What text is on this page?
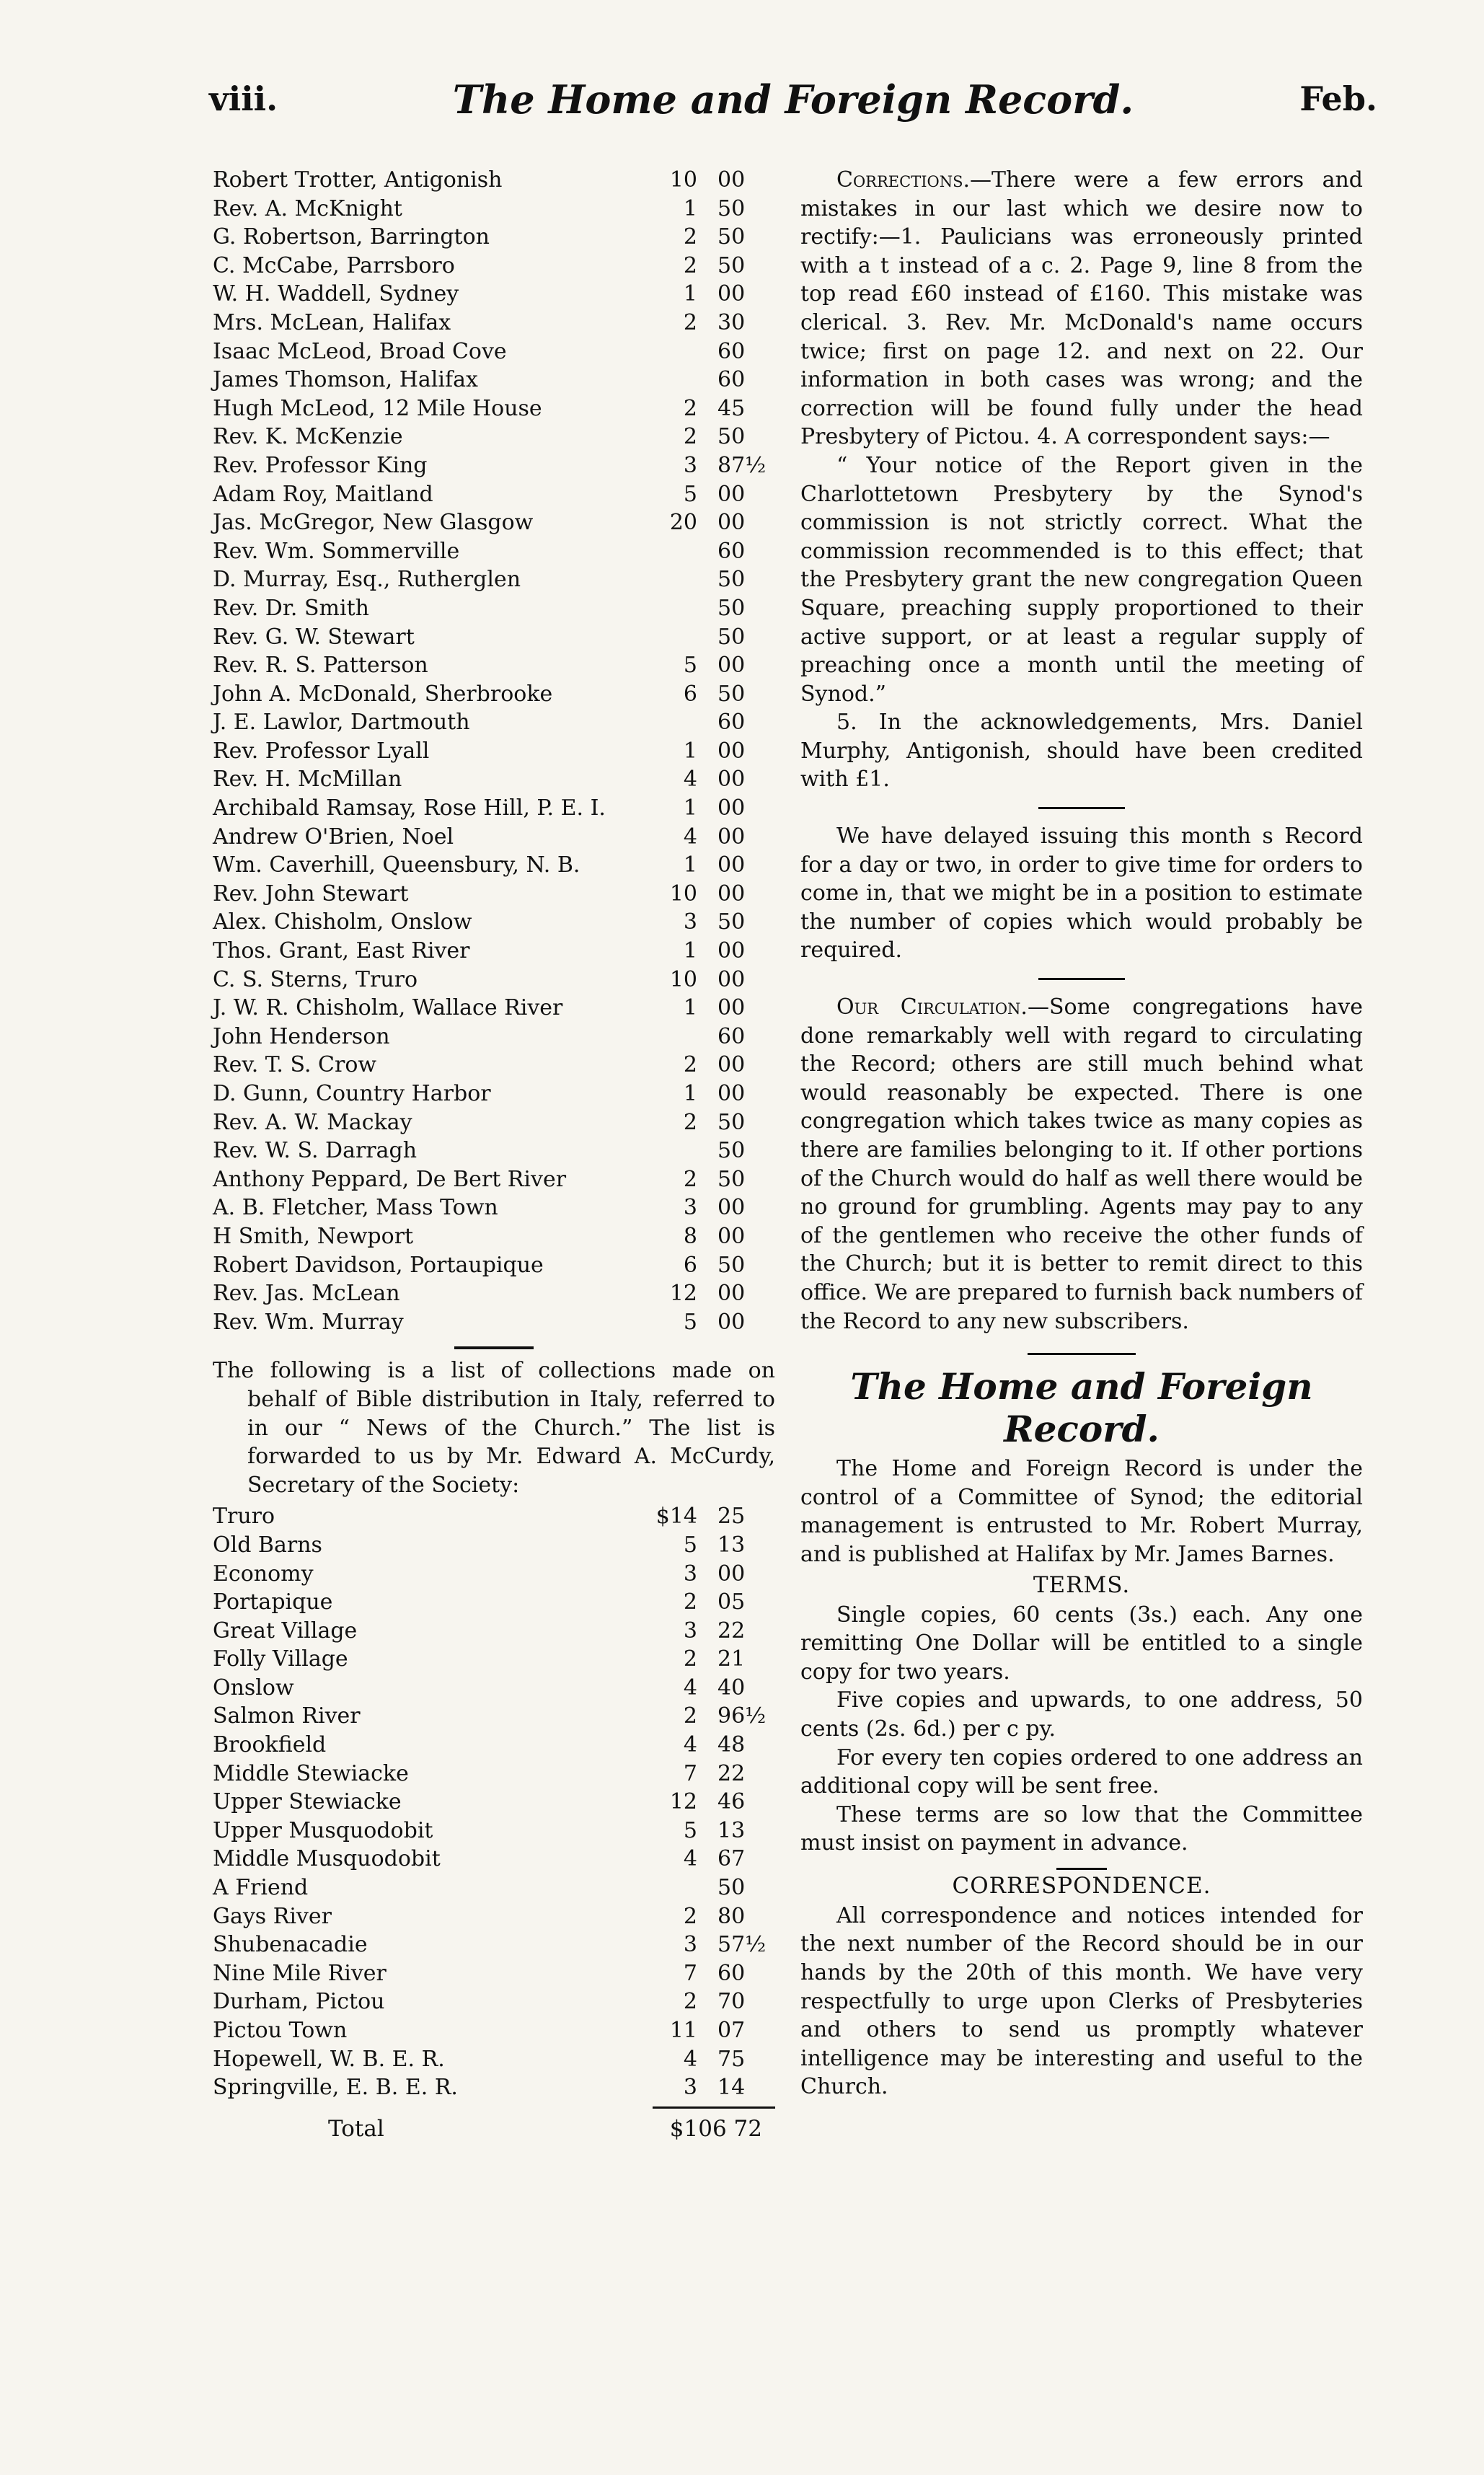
viii.	The Home and Foreign Record.	Feb.
Robert Trotter, Antigonish	10 00
Rev. A. McKnight	1 50
G. Robertson, Barrington	2 50
C. McCabe, Parrsboro	2 50
W. H. Waddell, Sydney	1 00
Mrs. McLean, Halifax	2 30
Isaac McLeod, Broad Cove	60
James Thomson, Halifax	60
Hugh McLeod, 12 Mile House	2 45
Rev. K. McKenzie	2 50
Rev. Professor King	3 87½
Adam Roy, Maitland	5 00
Jas. McGregor, New Glasgow	20 00
Rev. Wm. Sommerville	60
D. Murray, Esq., Rutherglen	50
Rev. Dr. Smith	50
Rev. G. W. Stewart	50
Rev. R. S. Patterson	5 00
John A. McDonald, Sherbrooke	6 50
J. E. Lawlor, Dartmouth	60
Rev. Professor Lyall	1 00
Rev. H. McMillan	4 00
Archibald Ramsay, Rose Hill, P. E. I.	1 00
Andrew O'Brien, Noel	4 00
Wm. Caverhill, Queensbury, N. B.	1 00
Rev. John Stewart	10 00
Alex. Chisholm, Onslow	3 50
Thos. Grant, East River	1 00
C. S. Sterns, Truro	10 00
J. W. R. Chisholm, Wallace River	1 00
John Henderson	60
Rev. T. S. Crow	2 00
D. Gunn, Country Harbor	1 00
Rev. A. W. Mackay	2 50
Rev. W. S. Darragh	50
Anthony Peppard, De Bert River	2 50
A. B. Fletcher, Mass Town	3 00
H Smith, Newport	8 00
Robert Davidson, Portaupique	6 50
Rev. Jas. McLean	12 00
Rev. Wm. Murray	5 00

The following is a list of collections made on behalf of Bible distribution in Italy, referred to in our “ News of the Church.” The list is forwarded to us by Mr. Edward A. McCurdy, Secretary of the Society:

Truro	$14 25
Old Barns	5 13
Economy	3 00
Portapique	2 05
Great Village	3 22
Folly Village	2 21
Onslow	4 40
Salmon River	2 96½
Brookfield	4 48
Middle Stewiacke	7 22
Upper Stewiacke	12 46
Upper Musquodobit	5 13
Middle Musquodobit	4 67
A Friend	50
Gays River	2 80
Shubenacadie	3 57½
Nine Mile River	7 60
Durham, Pictou	2 70
Pictou Town	11 07
Hopewell, W. B. E. R.	4 75
Springville, E. B. E. R.	3 14
Total	$106 72

Corrections.—There were a few errors and mistakes in our last which we desire now to rectify:—1. Paulicians was erroneously printed with a t instead of a c. 2. Page 9, line 8 from the top read £60 instead of £160. This mistake was clerical. 3. Rev. Mr. McDonald's name occurs twice; first on page 12. and next on 22. Our information in both cases was wrong; and the correction will be found fully under the head Presbytery of Pictou. 4. A correspondent says:—

“ Your notice of the Report given in the Charlottetown Presbytery by the Synod's commission is not strictly correct. What the commission recommended is to this effect; that the Presbytery grant the new congregation Queen Square, preaching supply proportioned to their active support, or at least a regular supply of preaching once a month until the meeting of Synod.”

5. In the acknowledgements, Mrs. Daniel Murphy, Antigonish, should have been credited with £1.

We have delayed issuing this month s Record for a day or two, in order to give time for orders to come in, that we might be in a position to estimate the number of copies which would probably be required.

Our Circulation.—Some congregations have done remarkably well with regard to circulating the Record; others are still much behind what would reasonably be expected. There is one congregation which takes twice as many copies as there are families belonging to it. If other portions of the Church would do half as well there would be no ground for grumbling. Agents may pay to any of the gentlemen who receive the other funds of the Church; but it is better to remit direct to this office. We are prepared to furnish back numbers of the Record to any new subscribers.

The Home and Foreign Record.

The Home and Foreign Record is under the control of a Committee of Synod; the editorial management is entrusted to Mr. Robert Murray, and is published at Halifax by Mr. James Barnes.

TERMS.

Single copies, 60 cents (3s.) each. Any one remitting One Dollar will be entitled to a single copy for two years.

Five copies and upwards, to one address, 50 cents (2s. 6d.) per c py.

For every ten copies ordered to one address an additional copy will be sent free.

These terms are so low that the Committee must insist on payment in advance.

CORRESPONDENCE.

All correspondence and notices intended for the next number of the Record should be in our hands by the 20th of this month. We have very respectfully to urge upon Clerks of Presbyteries and others to send us promptly whatever intelligence may be interesting and useful to the Church.
